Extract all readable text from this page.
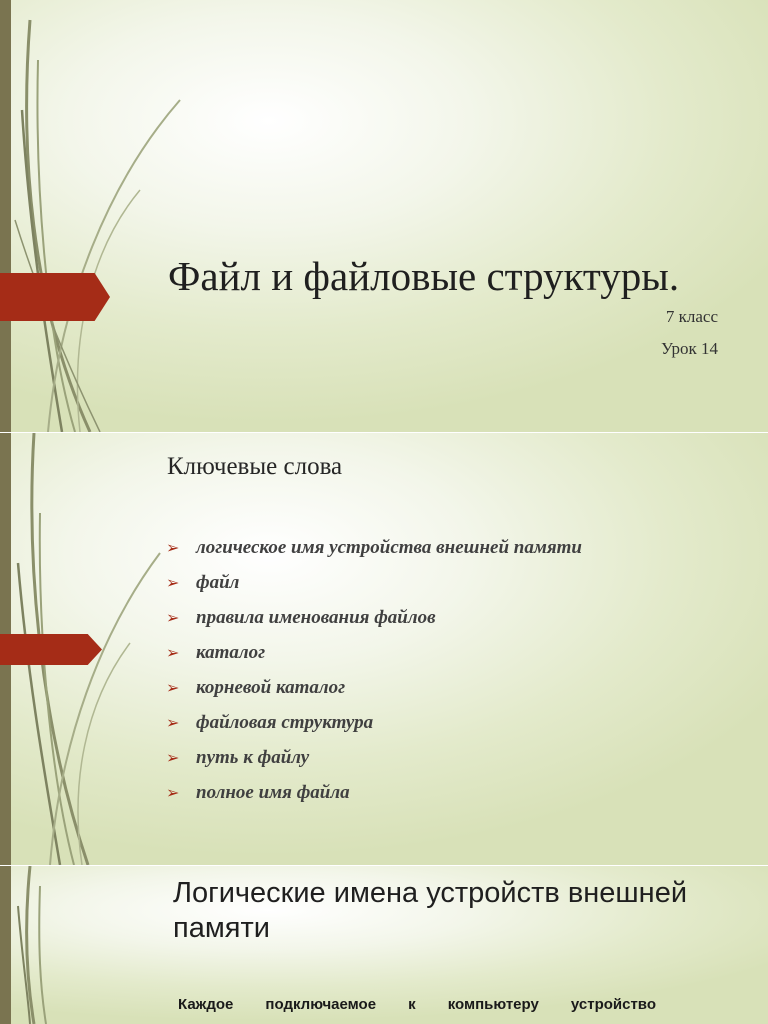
Файл и файловые структуры.

7 класс

Урок 14

Ключевые слова
➢ логическое имя устройства внешней памяти
➢ файл
➢ правила именования файлов
➢ каталог
➢ корневой каталог
➢ файловая структура
➢ путь к файлу
➢ полное имя файла
Логические имена устройств внешней памяти

Каждое подключаемое к компьютеру устройство
